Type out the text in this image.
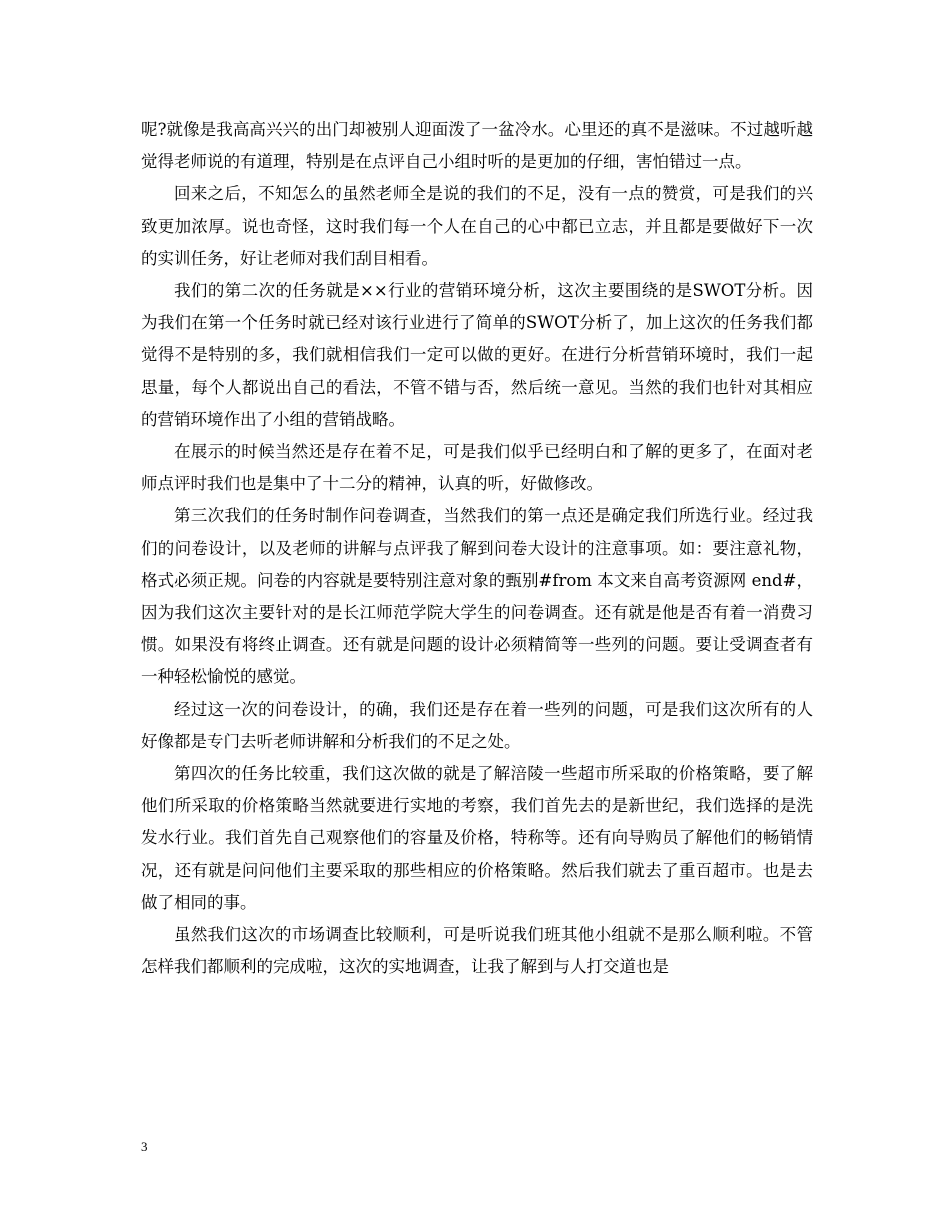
呢?就像是我高高兴兴的出门却被别人迎面泼了一盆冷水。心里还的真不是滋味。不过越听越觉得老师说的有道理，特别是在点评自己小组时听的是更加的仔细，害怕错过一点。

回来之后，不知怎么的虽然老师全是说的我们的不足，没有一点的赞赏，可是我们的兴致更加浓厚。说也奇怪，这时我们每一个人在自己的心中都已立志，并且都是要做好下一次的实训任务，好让老师对我们刮目相看。

我们的第二次的任务就是××行业的营销环境分析，这次主要围绕的是SWOT分析。因为我们在第一个任务时就已经对该行业进行了简单的SWOT分析了，加上这次的任务我们都觉得不是特别的多，我们就相信我们一定可以做的更好。在进行分析营销环境时，我们一起思量，每个人都说出自己的看法，不管不错与否，然后统一意见。当然的我们也针对其相应的营销环境作出了小组的营销战略。

在展示的时候当然还是存在着不足，可是我们似乎已经明白和了解的更多了，在面对老师点评时我们也是集中了十二分的精神，认真的听，好做修改。

第三次我们的任务时制作问卷调查，当然我们的第一点还是确定我们所选行业。经过我们的问卷设计，以及老师的讲解与点评我了解到问卷大设计的注意事项。如：要注意礼物，格式必须正规。问卷的内容就是要特别注意对象的甄别#from 本文来自高考资源网 end#，因为我们这次主要针对的是长江师范学院大学生的问卷调查。还有就是他是否有着一消费习惯。如果没有将终止调查。还有就是问题的设计必须精简等一些列的问题。要让受调查者有一种轻松愉悦的感觉。

经过这一次的问卷设计，的确，我们还是存在着一些列的问题，可是我们这次所有的人好像都是专门去听老师讲解和分析我们的不足之处。

第四次的任务比较重，我们这次做的就是了解涪陵一些超市所采取的价格策略，要了解他们所采取的价格策略当然就要进行实地的考察，我们首先去的是新世纪，我们选择的是洗发水行业。我们首先自己观察他们的容量及价格，特称等。还有向导购员了解他们的畅销情况，还有就是问问他们主要采取的那些相应的价格策略。然后我们就去了重百超市。也是去做了相同的事。

虽然我们这次的市场调查比较顺利，可是听说我们班其他小组就不是那么顺利啦。不管怎样我们都顺利的完成啦，这次的实地调查，让我了解到与人打交道也是

3
